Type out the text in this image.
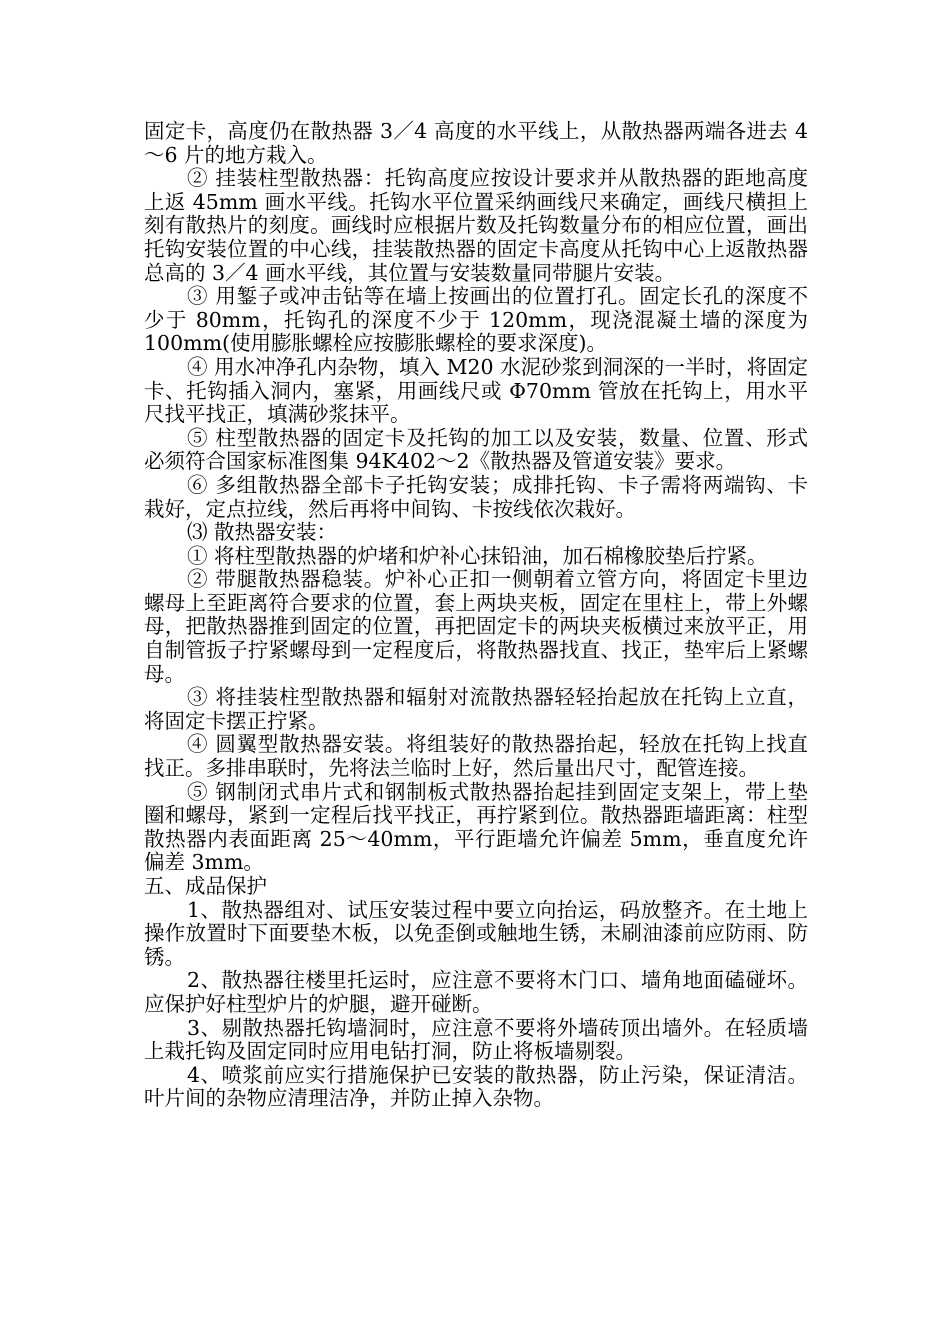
固定卡，高度仍在散热器 3／4 高度的水平线上，从散热器两端各进去 4～6 片的地方栽入。

② 挂装柱型散热器：托钩高度应按设计要求并从散热器的距地高度上返 45mm 画水平线。托钩水平位置采纳画线尺来确定，画线尺横担上刻有散热片的刻度。画线时应根据片数及托钩数量分布的相应位置，画出托钩安装位置的中心线，挂装散热器的固定卡高度从托钩中心上返散热器总高的 3／4 画水平线，其位置与安装数量同带腿片安装。

③ 用錾子或冲击钻等在墙上按画出的位置打孔。固定长孔的深度不少于 80mm，托钩孔的深度不少于 120mm，现浇混凝土墙的深度为 100mm(使用膨胀螺栓应按膨胀螺栓的要求深度)。

④ 用水冲净孔内杂物，填入 M20 水泥砂浆到洞深的一半时，将固定卡、托钩插入洞内，塞紧，用画线尺或 Φ70mm 管放在托钩上，用水平尺找平找正，填满砂浆抹平。

⑤ 柱型散热器的固定卡及托钩的加工以及安装，数量、位置、形式必须符合国家标准图集 94K402～2《散热器及管道安装》要求。

⑥ 多组散热器全部卡子托钩安装；成排托钩、卡子需将两端钩、卡栽好，定点拉线，然后再将中间钩、卡按线依次栽好。

⑶ 散热器安装：

① 将柱型散热器的炉堵和炉补心抹铅油，加石棉橡胶垫后拧紧。

② 带腿散热器稳装。炉补心正扣一侧朝着立管方向，将固定卡里边螺母上至距离符合要求的位置，套上两块夹板，固定在里柱上，带上外螺母，把散热器推到固定的位置，再把固定卡的两块夹板横过来放平正，用自制管扳子拧紧螺母到一定程度后，将散热器找直、找正，垫牢后上紧螺母。

③ 将挂装柱型散热器和辐射对流散热器轻轻抬起放在托钩上立直，将固定卡摆正拧紧。

④ 圆翼型散热器安装。将组装好的散热器抬起，轻放在托钩上找直找正。多排串联时，先将法兰临时上好，然后量出尺寸，配管连接。

⑤ 钢制闭式串片式和钢制板式散热器抬起挂到固定支架上，带上垫圈和螺母，紧到一定程后找平找正，再拧紧到位。散热器距墙距离：柱型散热器内表面距离 25～40mm，平行距墙允许偏差 5mm，垂直度允许偏差 3mm。

五、成品保护

1、散热器组对、试压安装过程中要立向抬运，码放整齐。在土地上操作放置时下面要垫木板，以免歪倒或触地生锈，未刷油漆前应防雨、防锈。

2、散热器往楼里托运时，应注意不要将木门口、墙角地面磕碰坏。应保护好柱型炉片的炉腿，避开碰断。

3、剔散热器托钩墙洞时，应注意不要将外墙砖顶出墙外。在轻质墙上栽托钩及固定同时应用电钻打洞，防止将板墙剔裂。

4、喷浆前应实行措施保护已安装的散热器，防止污染，保证清洁。叶片间的杂物应清理洁净，并防止掉入杂物。
